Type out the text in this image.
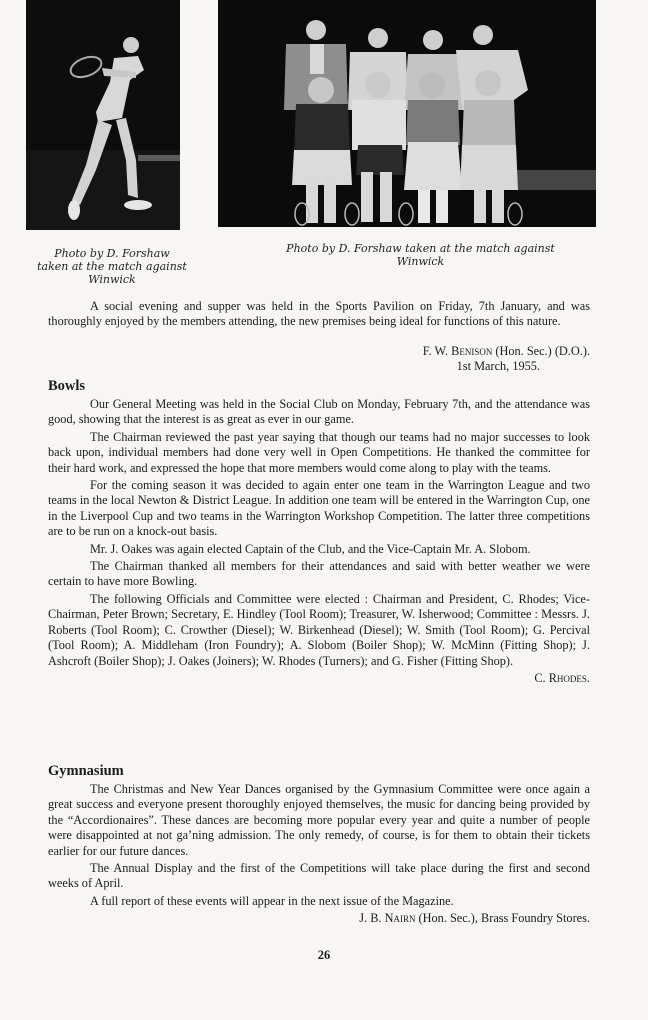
Photo by D. Forshaw
taken at the match against
Winwick
Photo by D. Forshaw taken at the match against
Winwick

A social evening and supper was held in the Sports Pavilion on Friday, 7th January, and was thoroughly enjoyed by the members attending, the new premises being ideal for functions of this nature.

F. W. Benison (Hon. Sec.) (D.O.).
1st March, 1955.
Bowls

Our General Meeting was held in the Social Club on Monday, February 7th, and the attendance was good, showing that the interest is as great as ever in our game.

The Chairman reviewed the past year saying that though our teams had no major successes to look back upon, individual members had done very well in Open Competitions. He thanked the committee for their hard work, and expressed the hope that more members would come along to play with the teams.

For the coming season it was decided to again enter one team in the Warrington League and two teams in the local Newton & District League. In addition one team will be entered in the Warrington Cup, one in the Liverpool Cup and two teams in the Warrington Workshop Competition. The latter three competitions are to be run on a knock-out basis.

Mr. J. Oakes was again elected Captain of the Club, and the Vice-Captain Mr. A. Slobom.

The Chairman thanked all members for their attendances and said with better weather we were certain to have more Bowling.

The following Officials and Committee were elected : Chairman and President, C. Rhodes; Vice-Chairman, Peter Brown; Secretary, E. Hindley (Tool Room); Treasurer, W. Isherwood; Committee : Messrs. J. Roberts (Tool Room); C. Crowther (Diesel); W. Birkenhead (Diesel); W. Smith (Tool Room); G. Percival (Tool Room); A. Middleham (Iron Foundry); A. Slobom (Boiler Shop); W. McMinn (Fitting Shop); J. Ashcroft (Boiler Shop); J. Oakes (Joiners); W. Rhodes (Turners); and G. Fisher (Fitting Shop).

C. Rhodes.
Gymnasium

The Christmas and New Year Dances organised by the Gymnasium Committee were once again a great success and everyone present thoroughly enjoyed themselves, the music for dancing being provided by the “Accordionaires”. These dances are becoming more popular every year and quite a number of people were disappointed at not ga’ning admission. The only remedy, of course, is for them to obtain their tickets earlier for our future dances.

The Annual Display and the first of the Competitions will take place during the first and second weeks of April.

A full report of these events will appear in the next issue of the Magazine.

J. B. Nairn (Hon. Sec.), Brass Foundry Stores.
26
